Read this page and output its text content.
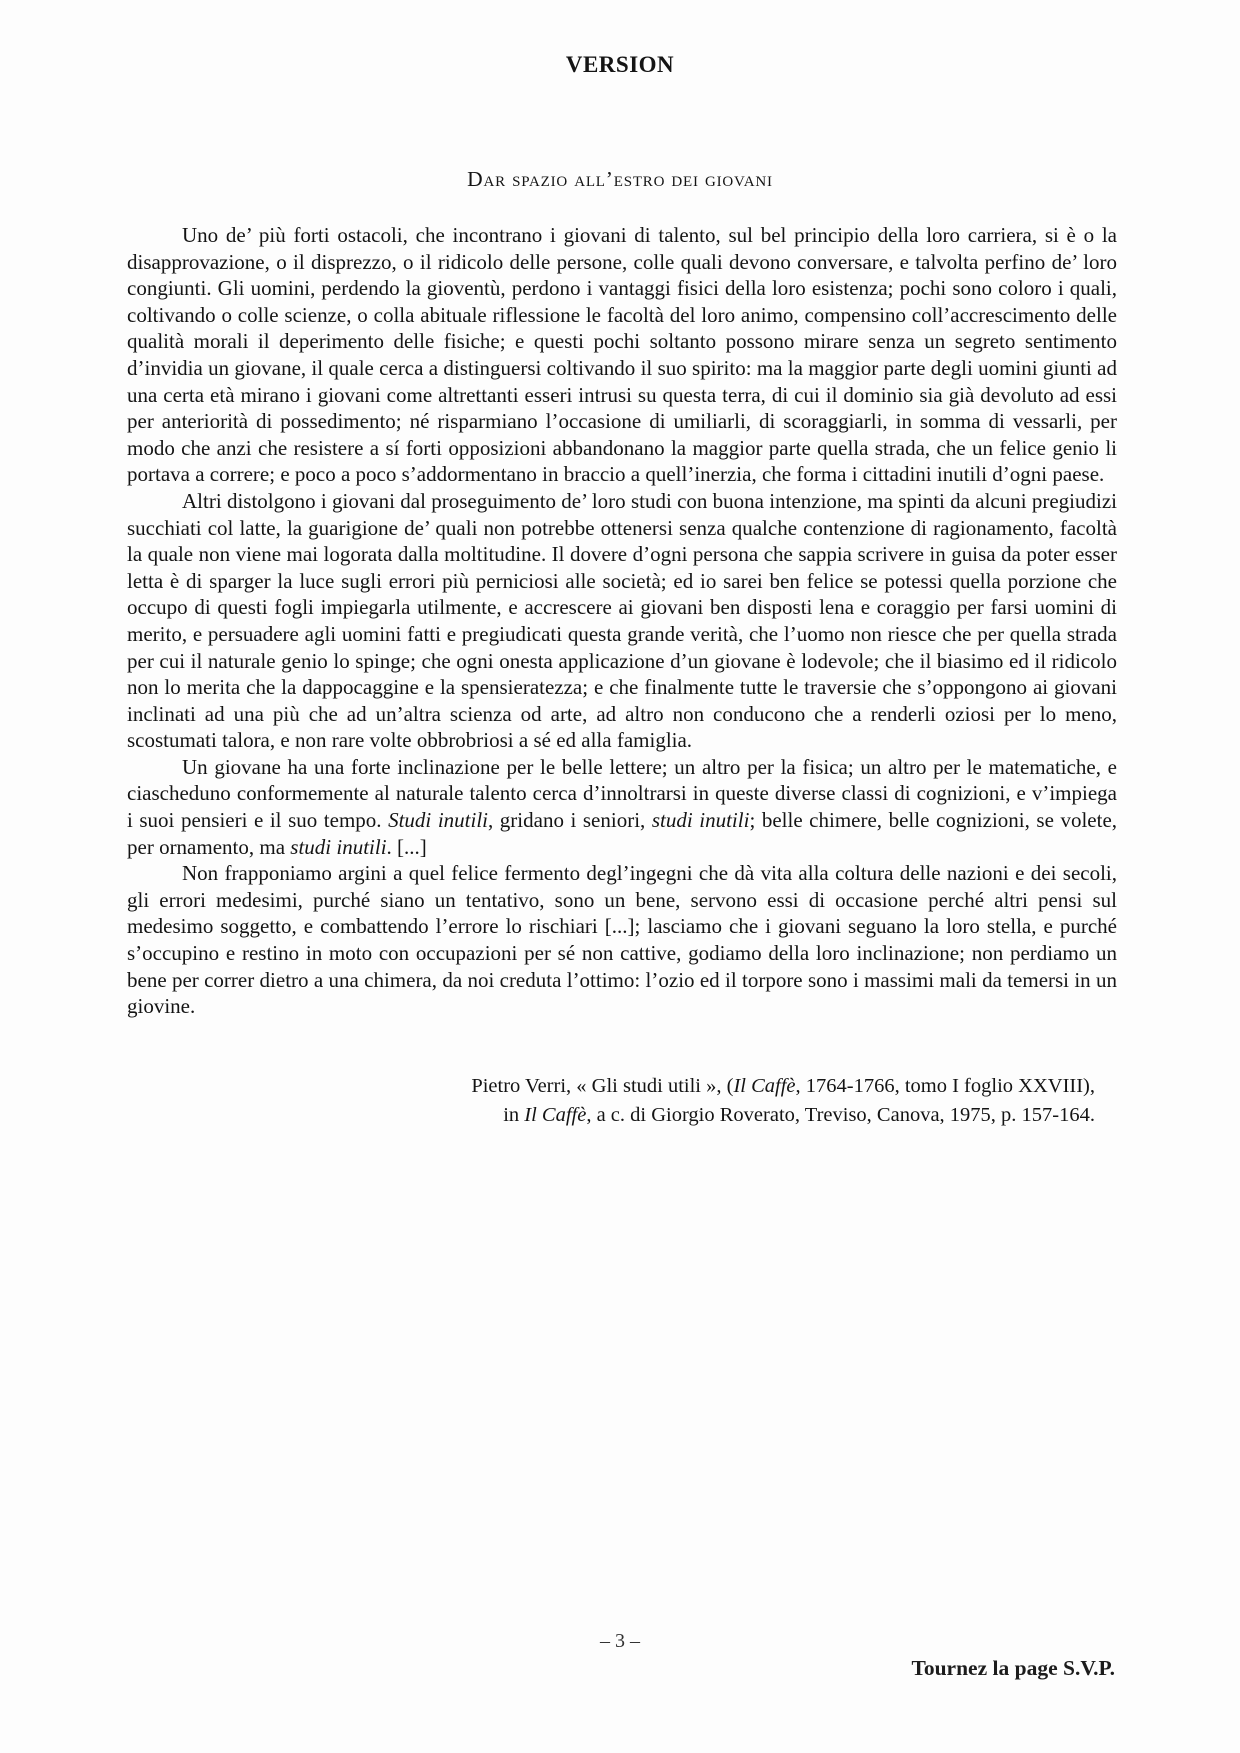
VERSION
Dar spazio all’estro dei giovani

Uno de’ più forti ostacoli, che incontrano i giovani di talento, sul bel principio della loro carriera, si è o la disapprovazione, o il disprezzo, o il ridicolo delle persone, colle quali devono conversare, e talvolta perfino de’ loro congiunti. Gli uomini, perdendo la gioventù, perdono i vantaggi fisici della loro esistenza; pochi sono coloro i quali, coltivando o colle scienze, o colla abituale riflessione le facoltà del loro animo, compensino coll’accrescimento delle qualità morali il deperimento delle fisiche; e questi pochi soltanto possono mirare senza un segreto sentimento d’invidia un giovane, il quale cerca a distinguersi coltivando il suo spirito: ma la maggior parte degli uomini giunti ad una certa età mirano i giovani come altrettanti esseri intrusi su questa terra, di cui il dominio sia già devoluto ad essi per anteriorità di possedimento; né risparmiano l’occasione di umiliarli, di scoraggiarli, in somma di vessarli, per modo che anzi che resistere a sí forti opposizioni abbandonano la maggior parte quella strada, che un felice genio li portava a correre; e poco a poco s’addormentano in braccio a quell’inerzia, che forma i cittadini inutili d’ogni paese.

Altri distolgono i giovani dal proseguimento de’ loro studi con buona intenzione, ma spinti da alcuni pregiudizi succhiati col latte, la guarigione de’ quali non potrebbe ottenersi senza qualche contenzione di ragionamento, facoltà la quale non viene mai logorata dalla moltitudine. Il dovere d’ogni persona che sappia scrivere in guisa da poter esser letta è di sparger la luce sugli errori più perniciosi alle società; ed io sarei ben felice se potessi quella porzione che occupo di questi fogli impiegarla utilmente, e accrescere ai giovani ben disposti lena e coraggio per farsi uomini di merito, e persuadere agli uomini fatti e pregiudicati questa grande verità, che l’uomo non riesce che per quella strada per cui il naturale genio lo spinge; che ogni onesta applicazione d’un giovane è lodevole; che il biasimo ed il ridicolo non lo merita che la dappocaggine e la spensieratezza; e che finalmente tutte le traversie che s’oppongono ai giovani inclinati ad una più che ad un’altra scienza od arte, ad altro non conducono che a renderli oziosi per lo meno, scostumati talora, e non rare volte obbrobriosi a sé ed alla famiglia.

Un giovane ha una forte inclinazione per le belle lettere; un altro per la fisica; un altro per le matematiche, e ciascheduno conformemente al naturale talento cerca d’innoltrarsi in queste diverse classi di cognizioni, e v’impiega i suoi pensieri e il suo tempo. Studi inutili, gridano i seniori, studi inutili; belle chimere, belle cognizioni, se volete, per ornamento, ma studi inutili. [...]

Non frapponiamo argini a quel felice fermento degl’ingegni che dà vita alla coltura delle nazioni e dei secoli, gli errori medesimi, purché siano un tentativo, sono un bene, servono essi di occasione perché altri pensi sul medesimo soggetto, e combattendo l’errore lo rischiari [...]; lasciamo che i giovani seguano la loro stella, e purché s’occupino e restino in moto con occupazioni per sé non cattive, godiamo della loro inclinazione; non perdiamo un bene per correr dietro a una chimera, da noi creduta l’ottimo: l’ozio ed il torpore sono i massimi mali da temersi in un giovine.

Pietro Verri, « Gli studi utili », (Il Caffè, 1764-1766, tomo I foglio XXVIII),
in Il Caffè, a c. di Giorgio Roverato, Treviso, Canova, 1975, p. 157-164.
– 3 –
Tournez la page S.V.P.
